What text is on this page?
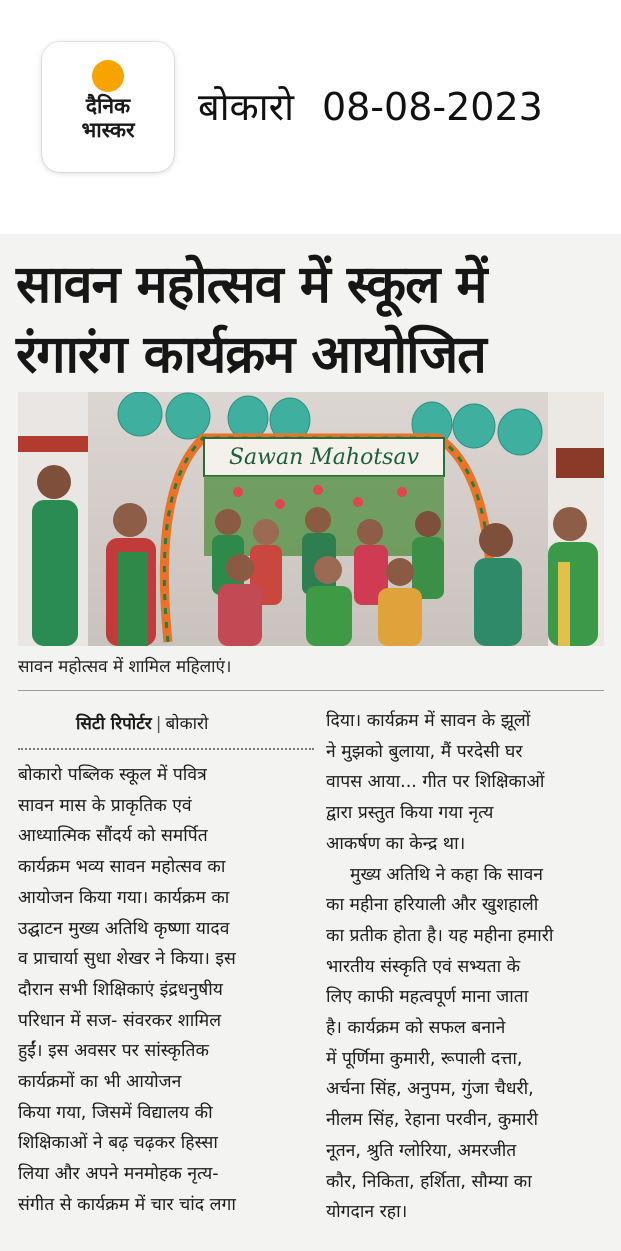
दैनिक
भास्कर
बोकारो 08-08-2023
सावन महोत्सव में स्कूल में
रंगारंग कार्यक्रम आयोजित
Sawan Mahotsav
सावन महोत्सव में शामिल महिलाएं।
सिटी रिपोर्टर | बोकारो
बोकारो पब्लिक स्कूल में पवित्र
सावन मास के प्राकृतिक एवं
आध्यात्मिक सौंदर्य को समर्पित
कार्यक्रम भव्य सावन महोत्सव का
आयोजन किया गया। कार्यक्रम का
उद्घाटन मुख्य अतिथि कृष्णा यादव
व प्राचार्या सुधा शेखर ने किया। इस
दौरान सभी शिक्षिकाएं इंद्रधनुषीय
परिधान में सज- संवरकर शामिल
हुईं। इस अवसर पर सांस्कृतिक
कार्यक्रमों का भी आयोजन
किया गया, जिसमें विद्यालय की
शिक्षिकाओं ने बढ़ चढ़कर हिस्सा
लिया और अपने मनमोहक नृत्य-
संगीत से कार्यक्रम में चार चांद लगा
दिया। कार्यक्रम में सावन के झूलों
ने मुझको बुलाया, मैं परदेसी घर
वापस आया... गीत पर शिक्षिकाओं
द्वारा प्रस्तुत किया गया नृत्य
आकर्षण का केन्द्र था।
मुख्य अतिथि ने कहा कि सावन
का महीना हरियाली और खुशहाली
का प्रतीक होता है। यह महीना हमारी
भारतीय संस्कृति एवं सभ्यता के
लिए काफी महत्वपूर्ण माना जाता
है। कार्यक्रम को सफल बनाने
में पूर्णिमा कुमारी, रूपाली दत्ता,
अर्चना सिंह, अनुपम, गुंजा चैधरी,
नीलम सिंह, रेहाना परवीन, कुमारी
नूतन, श्रुति ग्लोरिया, अमरजीत
कौर, निकिता, हर्शिता, सौम्या का
योगदान रहा।
